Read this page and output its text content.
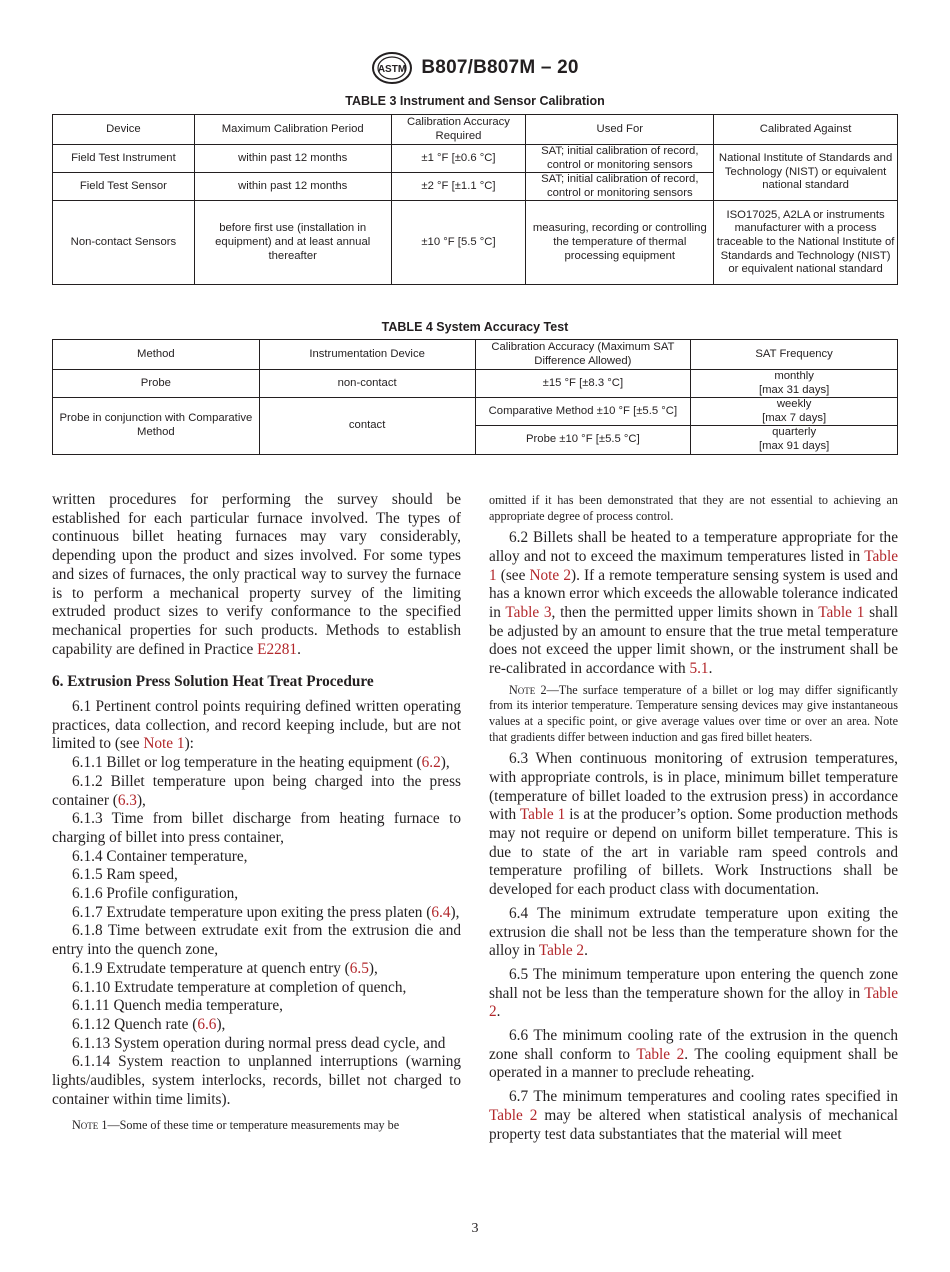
ASTM B807/B807M – 20
TABLE 3 Instrument and Sensor Calibration
Device	Maximum Calibration Period	Calibration Accuracy Required	Used For	Calibrated Against
Field Test Instrument	within past 12 months	±1 °F [±0.6 °C]	SAT; initial calibration of record, control or monitoring sensors	National Institute of Standards and Technology (NIST) or equivalent national standard
Field Test Sensor	within past 12 months	±2 °F [±1.1 °C]	SAT; initial calibration of record, control or monitoring sensors	
Non-contact Sensors	before first use (installation in equipment) and at least annual thereafter	±10 °F [5.5 °C]	measuring, recording or controlling the temperature of thermal processing equipment	ISO17025, A2LA or instruments manufacturer with a process traceable to the National Institute of Standards and Technology (NIST) or equivalent national standard
TABLE 4 System Accuracy Test
Method	Instrumentation Device	Calibration Accuracy (Maximum SAT Difference Allowed)	SAT Frequency
Probe	non-contact	±15 °F [±8.3 °C]	monthly
[max 31 days]
Probe in conjunction with Comparative Method	contact	Comparative Method ±10 °F [±5.5 °C]	weekly
[max 7 days]
		Probe ±10 °F [±5.5 °C]	quarterly
[max 91 days]

written procedures for performing the survey should be established for each particular furnace involved. The types of continuous billet heating furnaces may vary considerably, depending upon the product and sizes involved. For some types and sizes of furnaces, the only practical way to survey the furnace is to perform a mechanical property survey of the limiting extruded product sizes to verify conformance to the specified mechanical properties for such products. Methods to establish capability are defined in Practice E2281.

6. Extrusion Press Solution Heat Treat Procedure

6.1 Pertinent control points requiring defined written operating practices, data collection, and record keeping include, but are not limited to (see Note 1):

6.1.1 Billet or log temperature in the heating equipment (6.2),

6.1.2 Billet temperature upon being charged into the press container (6.3),

6.1.3 Time from billet discharge from heating furnace to charging of billet into press container,

6.1.4 Container temperature,

6.1.5 Ram speed,

6.1.6 Profile configuration,

6.1.7 Extrudate temperature upon exiting the press platen (6.4),

6.1.8 Time between extrudate exit from the extrusion die and entry into the quench zone,

6.1.9 Extrudate temperature at quench entry (6.5),

6.1.10 Extrudate temperature at completion of quench,

6.1.11 Quench media temperature,

6.1.12 Quench rate (6.6),

6.1.13 System operation during normal press dead cycle, and

6.1.14 System reaction to unplanned interruptions (warning lights/audibles, system interlocks, records, billet not charged to container within time limits).

Note 1—Some of these time or temperature measurements may be

omitted if it has been demonstrated that they are not essential to achieving an appropriate degree of process control.

6.2 Billets shall be heated to a temperature appropriate for the alloy and not to exceed the maximum temperatures listed in Table 1 (see Note 2). If a remote temperature sensing system is used and has a known error which exceeds the allowable tolerance indicated in Table 3, then the permitted upper limits shown in Table 1 shall be adjusted by an amount to ensure that the true metal temperature does not exceed the upper limit shown, or the instrument shall be re-calibrated in accordance with 5.1.

Note 2—The surface temperature of a billet or log may differ significantly from its interior temperature. Temperature sensing devices may give instantaneous values at a specific point, or give average values over time or over an area. Note that gradients differ between induction and gas fired billet heaters.

6.3 When continuous monitoring of extrusion temperatures, with appropriate controls, is in place, minimum billet temperature (temperature of billet loaded to the extrusion press) in accordance with Table 1 is at the producer’s option. Some production methods may not require or depend on uniform billet temperature. This is due to state of the art in variable ram speed controls and temperature profiling of billets. Work Instructions shall be developed for each product class with documentation.

6.4 The minimum extrudate temperature upon exiting the extrusion die shall not be less than the temperature shown for the alloy in Table 2.

6.5 The minimum temperature upon entering the quench zone shall not be less than the temperature shown for the alloy in Table 2.

6.6 The minimum cooling rate of the extrusion in the quench zone shall conform to Table 2. The cooling equipment shall be operated in a manner to preclude reheating.

6.7 The minimum temperatures and cooling rates specified in Table 2 may be altered when statistical analysis of mechanical property test data substantiates that the material will meet

3
